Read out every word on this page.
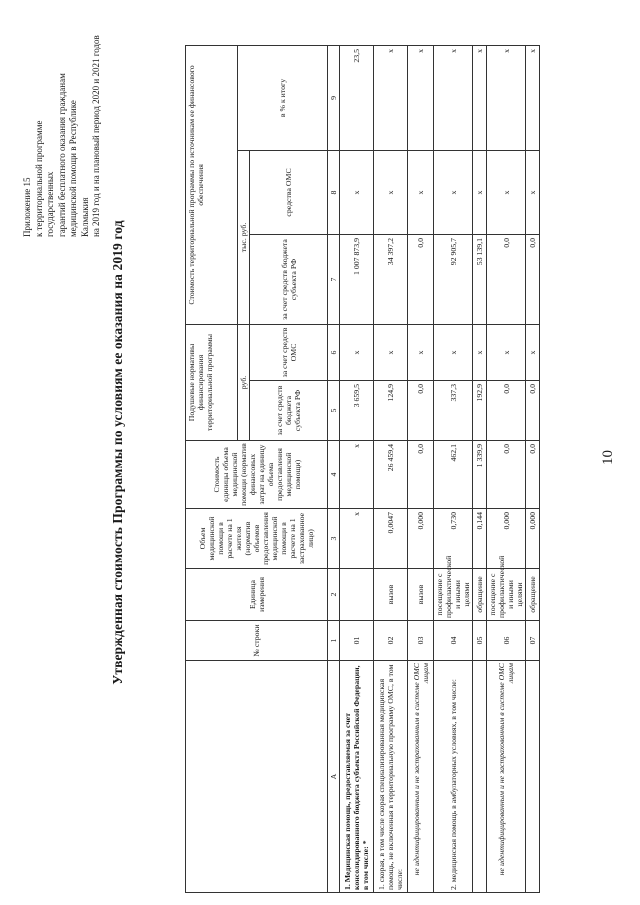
Приложение 15 к территориальной программе государственных гарантий бесплатного оказания гражданам медицинской помощи в Республике Калмыкия на 2019 год и на плановый период 2020 и 2021 годов
Утвержденная стоимость Программы по условиям ее оказания на 2019 год
		№ строки	Единица измерения	Объем медицинской помощи в расчете на 1 жителя (норматив объемов предоставления медицинской помощи в расчете на 1 застрахованное лицо)	Стоимость единицы объема медицинской помощи (норматив финансовых затрат на единицу объема предоставления медицинской помощи)	Подушевые нормативы финансирования территориальной программы		Стоимость территориальной программы по источникам ее финансового обеспечения		
					руб.		тыс. руб.		в % к итогу
					за счет средств бюджета субъекта РФ	за счет средств ОМС	за счет средств бюджета субъекта РФ	средства ОМС	
А	1	2	3	4	5	6	7	8	9
1. Медицинская помощь, предоставляемая за счет консолидированного бюджета субъекта Российской Федерации, в том числе: *	01		х	х	3 659,5	х	1 007 873,9	х	23,5
1. скорая, в том числе скорая специализированная медицинская помощь, не включенная в территориальную программу ОМС, в том числе:	02	вызов	0,0047	26 459,4	124,9	х	34 397,2	х	х
не идентифицированным и не застрахованным в системе ОМС лицам	03	вызов	0,000	0,0	0,0	х	0,0	х	х
2. медицинская помощь в амбулаторных условиях, в том числе:	04	посещение с профилактической и иными целями	0,730	462,1	337,3	х	92 905,7	х	х
	05	обращение	0,144	1 339,9	192,9	х	53 139,1	х	х
не идентифицированным и не застрахованным в системе ОМС лицам	06	посещение с профилактической и иными целями	0,000	0,0	0,0	х	0,0	х	х
	07	обращение	0,000	0,0	0,0	х	0,0	х	х
10
